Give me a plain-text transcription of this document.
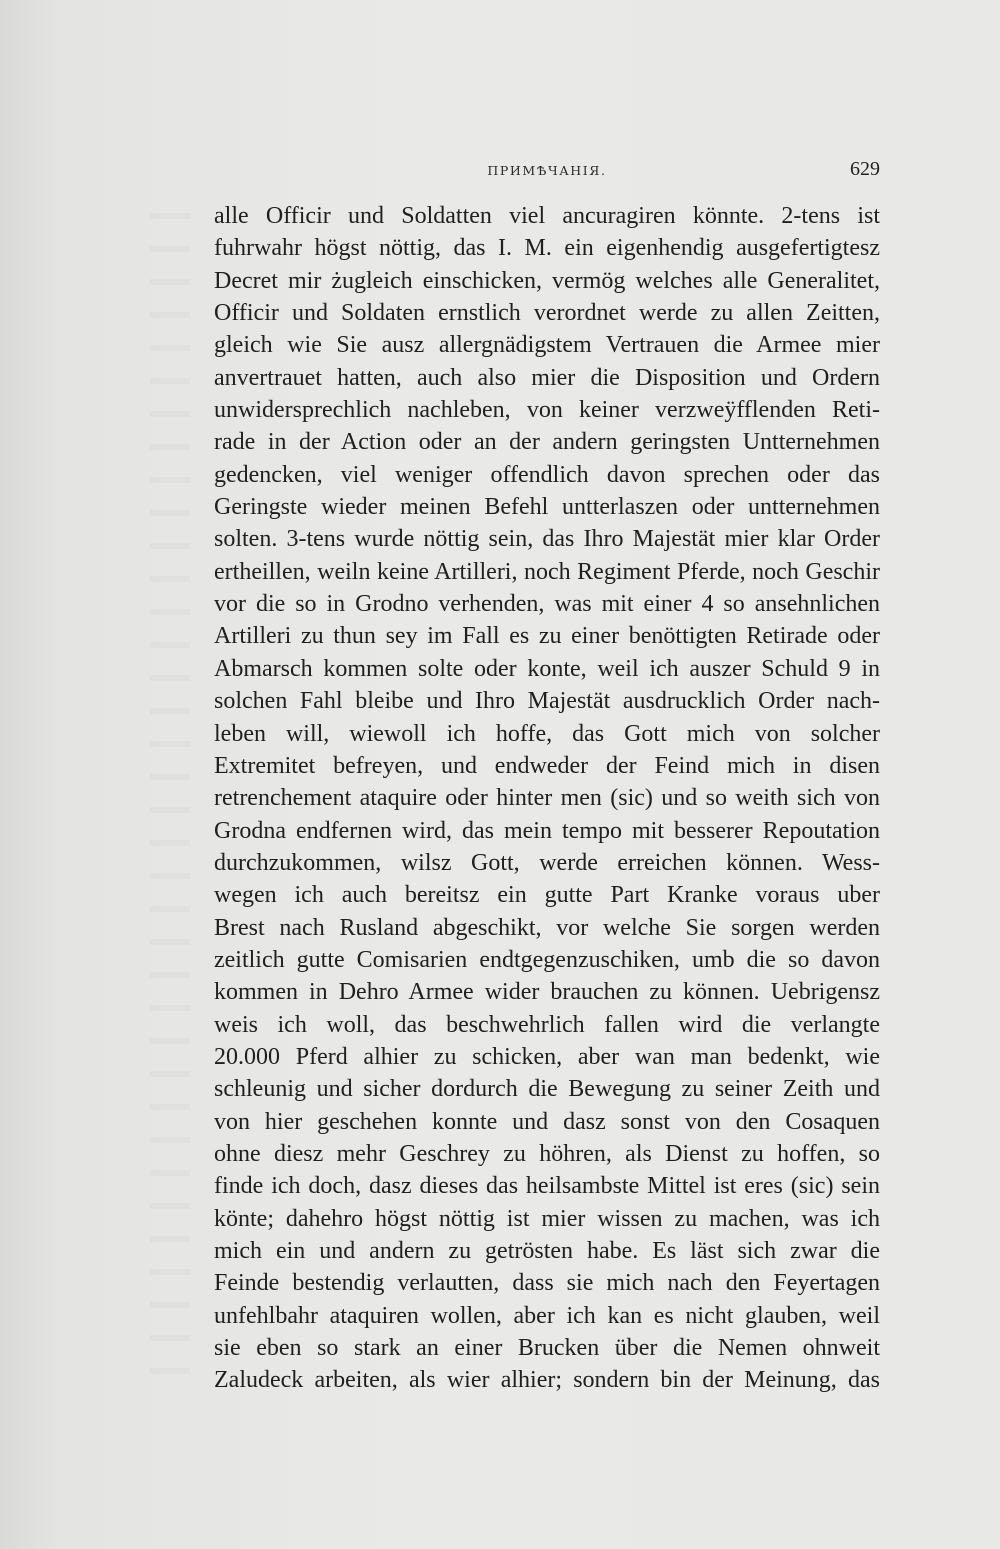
ПРИМѢЧАНIЯ.	629
alle Officir und Soldatten viel ancuragiren könnte. 2-tens ist
fuhrwahr högst nöttig, das I. M. ein eigenhendig ausgefertigtesz
Decret mir żugleich einschicken, vermög welches alle Generalitet,
Officir und Soldaten ernstlich verordnet werde zu allen Zeitten,
gleich wie Sie ausz allergnädigstem Vertrauen die Armee mier
anvertrauet hatten, auch also mier die Disposition und Ordern
unwidersprechlich nachleben, von keiner verzweÿfflenden Reti-
rade in der Action oder an der andern geringsten Untternehmen
gedencken, viel weniger offendlich davon sprechen oder das
Geringste wieder meinen Befehl untterlaszen oder untternehmen
solten. 3-tens wurde nöttig sein, das Ihro Majestät mier klar Order
ertheillen, weiln keine Artilleri, noch Regiment Pferde, noch Geschir
vor die so in Grodno verhenden, was mit einer 4 so ansehnlichen
Artilleri zu thun sey im Fall es zu einer benöttigten Retirade oder
Abmarsch kommen solte oder konte, weil ich auszer Schuld 9 in
solchen Fahl bleibe und Ihro Majestät ausdrucklich Order nach-
leben will, wiewoll ich hoffe, das Gott mich von solcher
Extremitet befreyen, und endweder der Feind mich in disen
retrenchement ataquire oder hinter men (sic) und so weith sich von
Grodna endfernen wird, das mein tempo mit besserer Repoutation
durchzukommen, wilsz Gott, werde erreichen können. Wess-
wegen ich auch bereitsz ein gutte Part Kranke voraus uber
Brest nach Rusland abgeschikt, vor welche Sie sorgen werden
zeitlich gutte Comisarien endtgegenzuschiken, umb die so davon
kommen in Dehro Armee wider brauchen zu können. Uebrigensz
weis ich woll, das beschwehrlich fallen wird die verlangte
20.000 Pferd alhier zu schicken, aber wan man bedenkt, wie
schleunig und sicher dordurch die Bewegung zu seiner Zeith und
von hier geschehen konnte und dasz sonst von den Cosaquen
ohne diesz mehr Geschrey zu höhren, als Dienst zu hoffen, so
finde ich doch, dasz dieses das heilsambste Mittel ist eres (sic) sein
könte; dahehro högst nöttig ist mier wissen zu machen, was ich
mich ein und andern zu getrösten habe. Es läst sich zwar die
Feinde bestendig verlautten, dass sie mich nach den Feyertagen
unfehlbahr ataquiren wollen, aber ich kan es nicht glauben, weil
sie eben so stark an einer Brucken über die Nemen ohnweit
Zaludeck arbeiten, als wier alhier; sondern bin der Meinung, das
